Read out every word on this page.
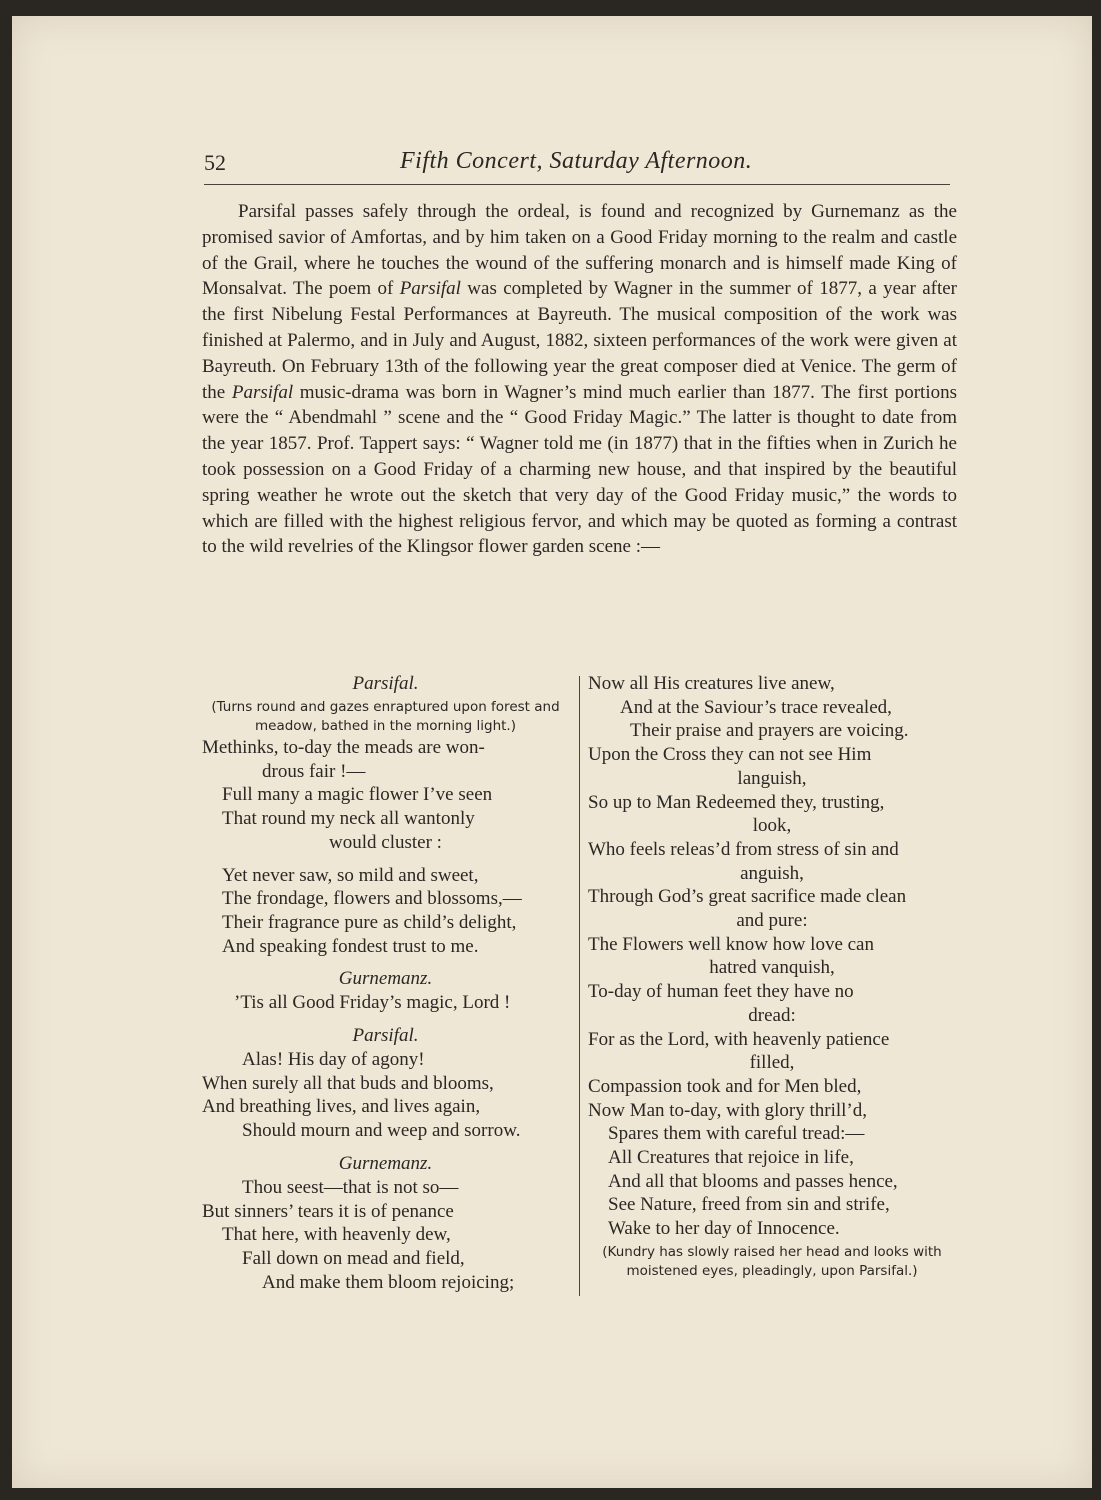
52	Fifth Concert, Saturday Afternoon.

Parsifal passes safely through the ordeal, is found and recognized by Gurnemanz as the promised savior of Amfortas, and by him taken on a Good Friday morning to the realm and castle of the Grail, where he touches the wound of the suffering monarch and is himself made King of Monsalvat. The poem of Parsifal was completed by Wagner in the summer of 1877, a year after the first Nibelung Festal Performances at Bayreuth. The musical composition of the work was finished at Palermo, and in July and August, 1882, sixteen performances of the work were given at Bayreuth. On February 13th of the following year the great composer died at Venice. The germ of the Parsifal music-drama was born in Wagner’s mind much earlier than 1877. The first portions were the “ Abendmahl ” scene and the “ Good Friday Magic.” The latter is thought to date from the year 1857. Prof. Tappert says: “ Wagner told me (in 1877) that in the fifties when in Zurich he took possession on a Good Friday of a charming new house, and that inspired by the beautiful spring weather he wrote out the sketch that very day of the Good Friday music,” the words to which are filled with the highest religious fervor, and which may be quoted as forming a contrast to the wild revelries of the Klingsor flower garden scene :—

Parsifal.

(Turns round and gazes enraptured upon forest and meadow, bathed in the morning light.)

Methinks, to-day the meads are won-

drous fair !—

Full many a magic flower I’ve seen

That round my neck all wantonly

would cluster :

Yet never saw, so mild and sweet,

The frondage, flowers and blossoms,—

Their fragrance pure as child’s delight,

And speaking fondest trust to me.

Gurnemanz.

’Tis all Good Friday’s magic, Lord !

Parsifal.

Alas! His day of agony!

When surely all that buds and blooms,

And breathing lives, and lives again,

Should mourn and weep and sorrow.

Gurnemanz.

Thou seest—that is not so—

But sinners’ tears it is of penance

That here, with heavenly dew,

Fall down on mead and field,

And make them bloom rejoicing;

Now all His creatures live anew,

And at the Saviour’s trace revealed,

Their praise and prayers are voicing.

Upon the Cross they can not see Him

languish,

So up to Man Redeemed they, trusting,

look,

Who feels releas’d from stress of sin and

anguish,

Through God’s great sacrifice made clean

and pure:

The Flowers well know how love can

hatred vanquish,

To-day of human feet they have no

dread:

For as the Lord, with heavenly patience

filled,

Compassion took and for Men bled,

Now Man to-day, with glory thrill’d,

Spares them with careful tread:—

All Creatures that rejoice in life,

And all that blooms and passes hence,

See Nature, freed from sin and strife,

Wake to her day of Innocence.

(Kundry has slowly raised her head and looks with moistened eyes, pleadingly, upon Parsifal.)
